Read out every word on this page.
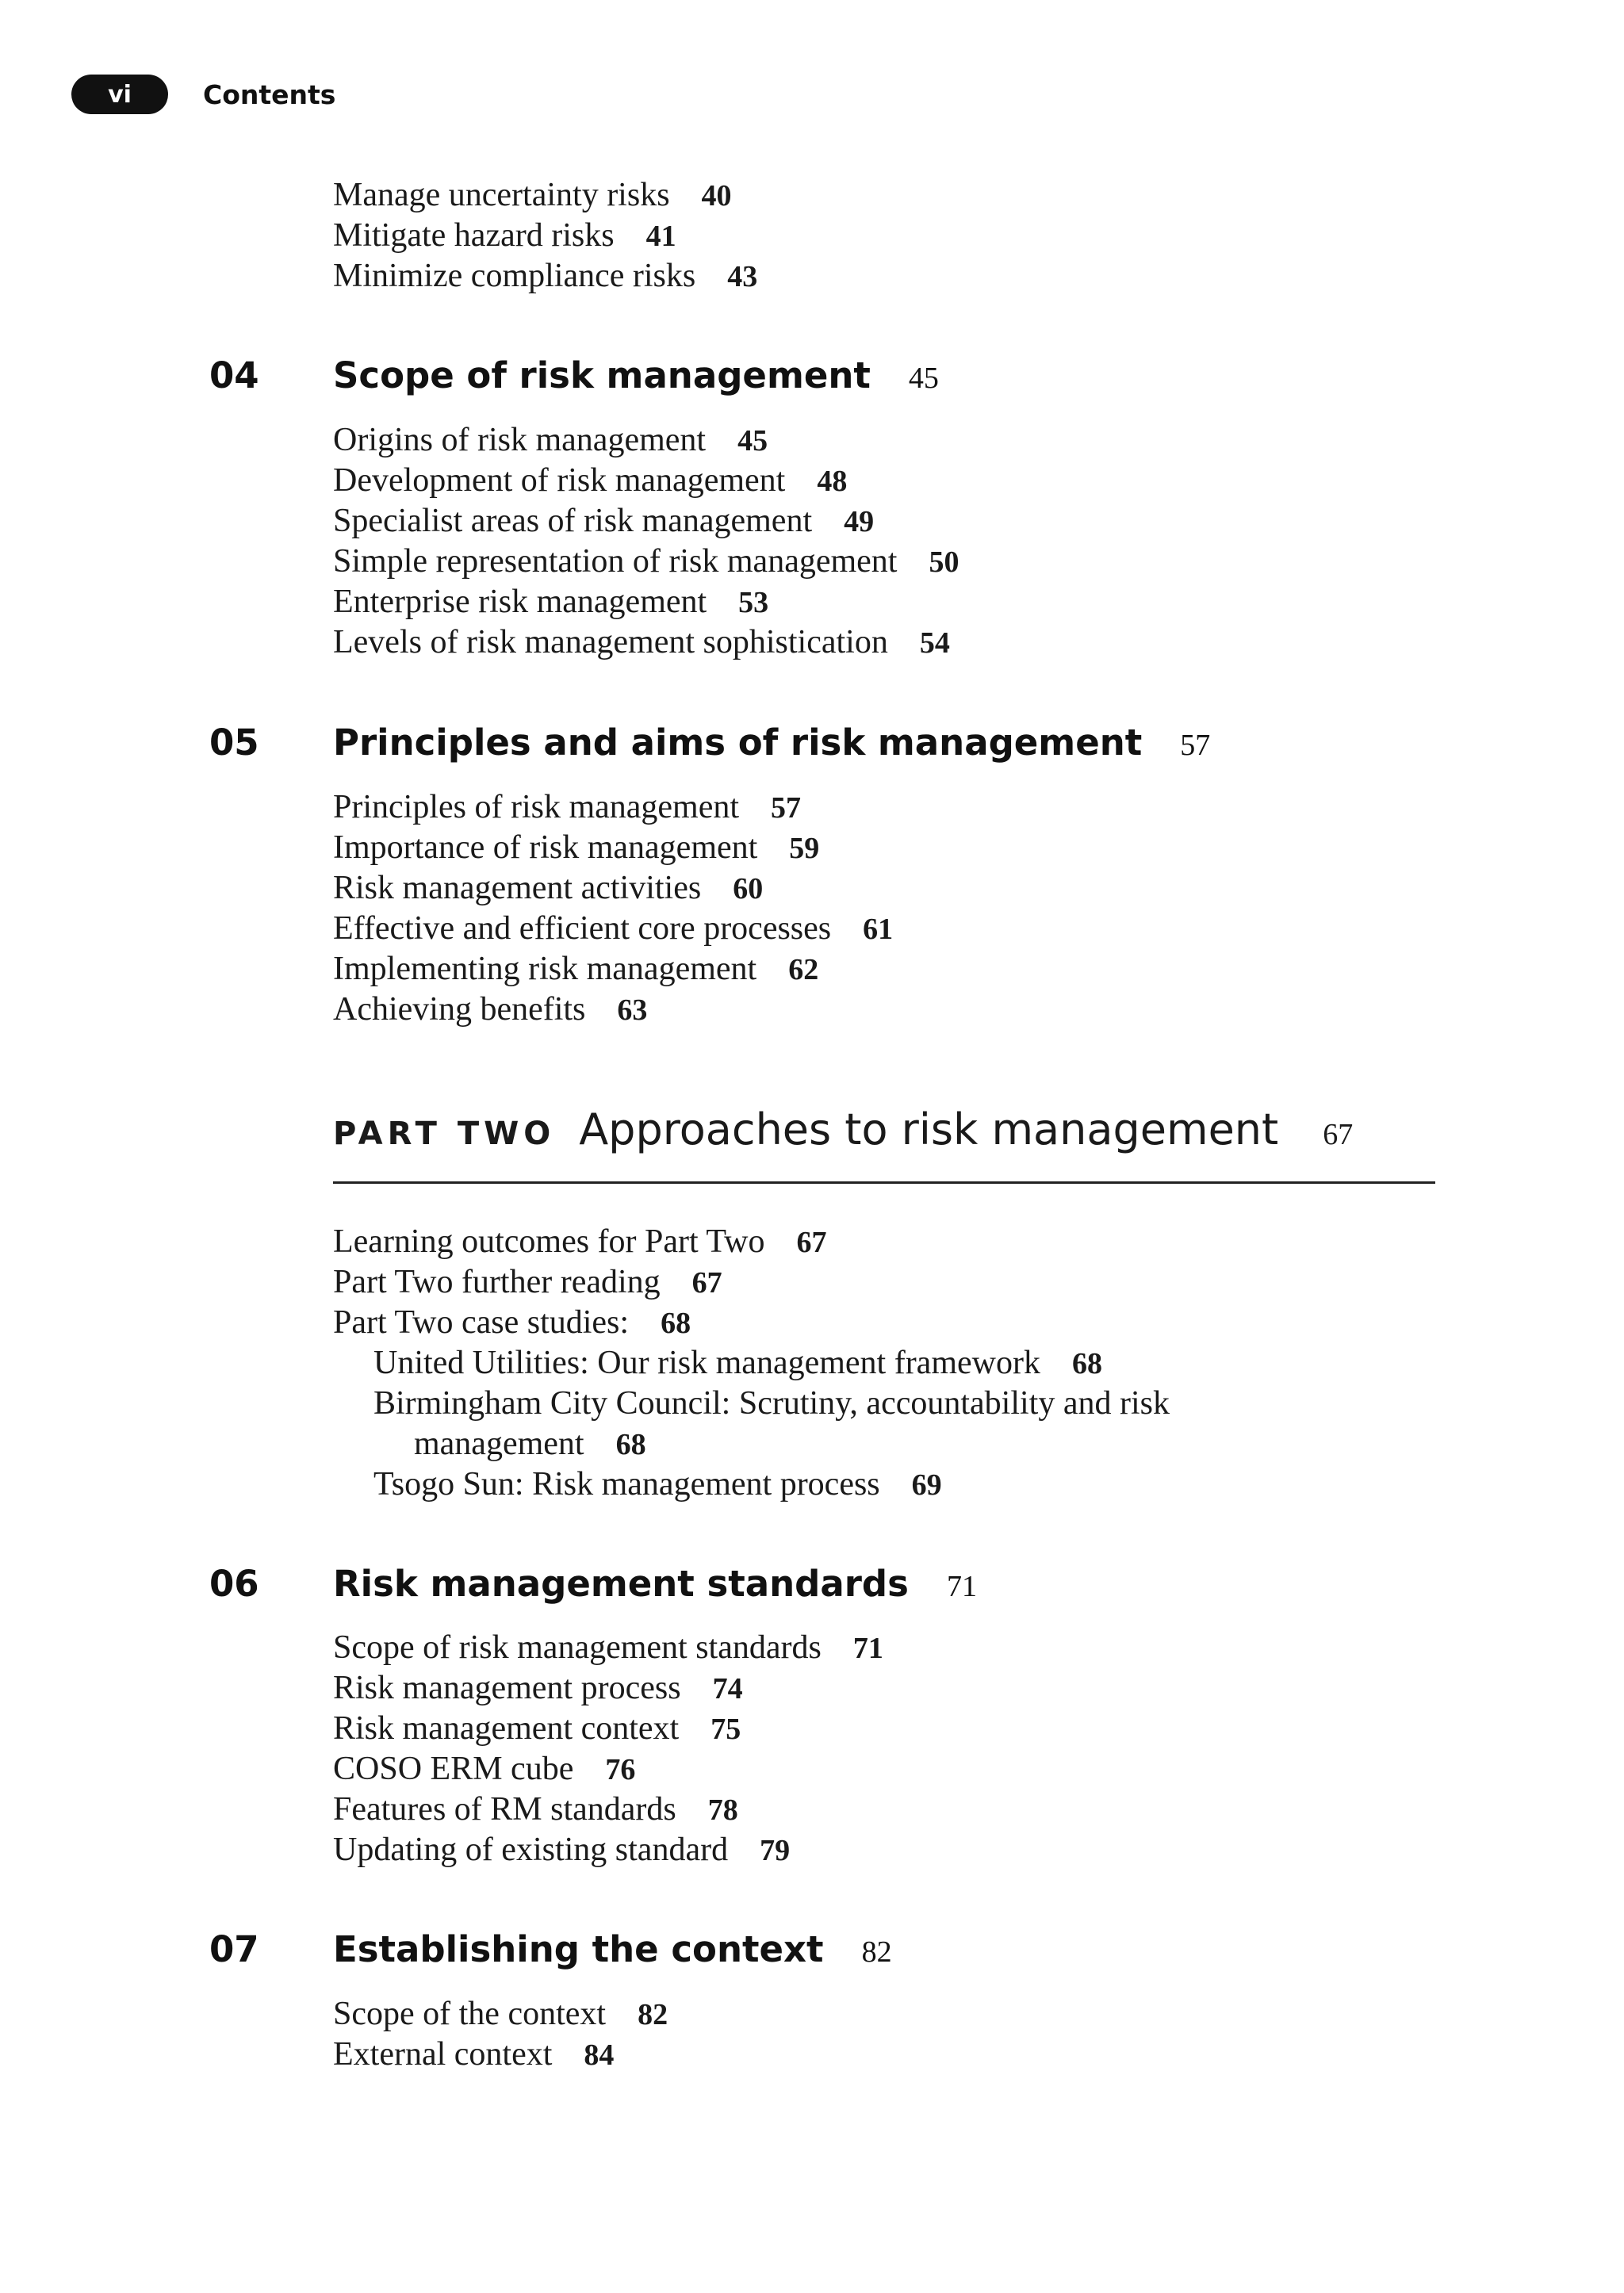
vi	Contents
Manage uncertainty risks 40
Mitigate hazard risks 41
Minimize compliance risks 43
04 Scope of risk management 45
Origins of risk management 45
Development of risk management 48
Specialist areas of risk management 49
Simple representation of risk management 50
Enterprise risk management 53
Levels of risk management sophistication 54
05 Principles and aims of risk management 57
Principles of risk management 57
Importance of risk management 59
Risk management activities 60
Effective and efficient core processes 61
Implementing risk management 62
Achieving benefits 63
PART TWO Approaches to risk management 67
Learning outcomes for Part Two 67
Part Two further reading 67
Part Two case studies: 68
United Utilities: Our risk management framework 68
Birmingham City Council: Scrutiny, accountability and risk
management 68
Tsogo Sun: Risk management process 69
06 Risk management standards 71
Scope of risk management standards 71
Risk management process 74
Risk management context 75
COSO ERM cube 76
Features of RM standards 78
Updating of existing standard 79
07 Establishing the context 82
Scope of the context 82
External context 84
